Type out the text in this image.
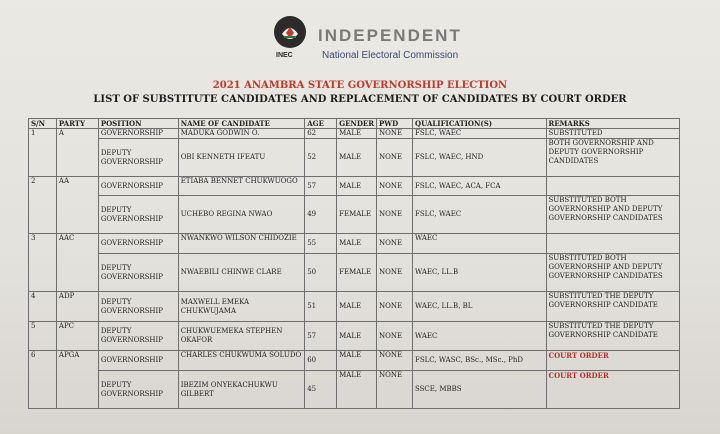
INEC
INDEPENDENT
National Electoral Commission
2021 ANAMBRA STATE GOVERNORSHIP ELECTION
LIST OF SUBSTITUTE CANDIDATES AND REPLACEMENT OF CANDIDATES BY COURT ORDER
S/N	PARTY	POSITION	NAME OF CANDIDATE	AGE	GENDER	PWD	QUALIFICATION(S)	REMARKS
1	A	GOVERNORSHIP	MADUKA GODWIN O.	62	MALE	NONE	FSLC, WAEC	SUBSTITUTED
		DEPUTY GOVERNORSHIP	OBI KENNETH IFEATU	52	MALE	NONE	FSLC, WAEC, HND	BOTH GOVERNORSHIP AND DEPUTY GOVERNORSHIP CANDIDATES
2	AA	GOVERNORSHIP	ETIABA BENNET CHUKWUOGO	57	MALE	NONE	FSLC, WAEC, ACA, FCA	
		DEPUTY GOVERNORSHIP	UCHEBO REGINA NWAO	49	FEMALE	NONE	FSLC, WAEC	SUBSTITUTED BOTH GOVERNORSHIP AND DEPUTY GOVERNORSHIP CANDIDATES
3	AAC	GOVERNORSHIP	NWANKWO WILSON CHIDOZIE	55	MALE	NONE	WAEC	
		DEPUTY GOVERNORSHIP	NWAEBILI CHINWE CLARE	50	FEMALE	NONE	WAEC, LL.B	SUBSTITUTED BOTH GOVERNORSHIP AND DEPUTY GOVERNORSHIP CANDIDATES
4	ADP	DEPUTY GOVERNORSHIP	MAXWELL EMEKA CHUKWUJAMA	51	MALE	NONE	WAEC, LL.B, BL	SUBSTITUTED THE DEPUTY GOVERNORSHIP CANDIDATE
5	APC	DEPUTY GOVERNORSHIP	CHUKWUEMEKA STEPHEN OKAFOR	57	MALE	NONE	WAEC	SUBSTITUTED THE DEPUTY GOVERNORSHIP CANDIDATE
6	APGA	GOVERNORSHIP	CHARLES CHUKWUMA SOLUDO	60	MALE	NONE	FSLC, WASC, BSc., MSc., PhD	COURT ORDER
		DEPUTY GOVERNORSHIP	IBEZIM ONYEKACHUKWU GILBERT	45	MALE	NONE	SSCE, MBBS	COURT ORDER
